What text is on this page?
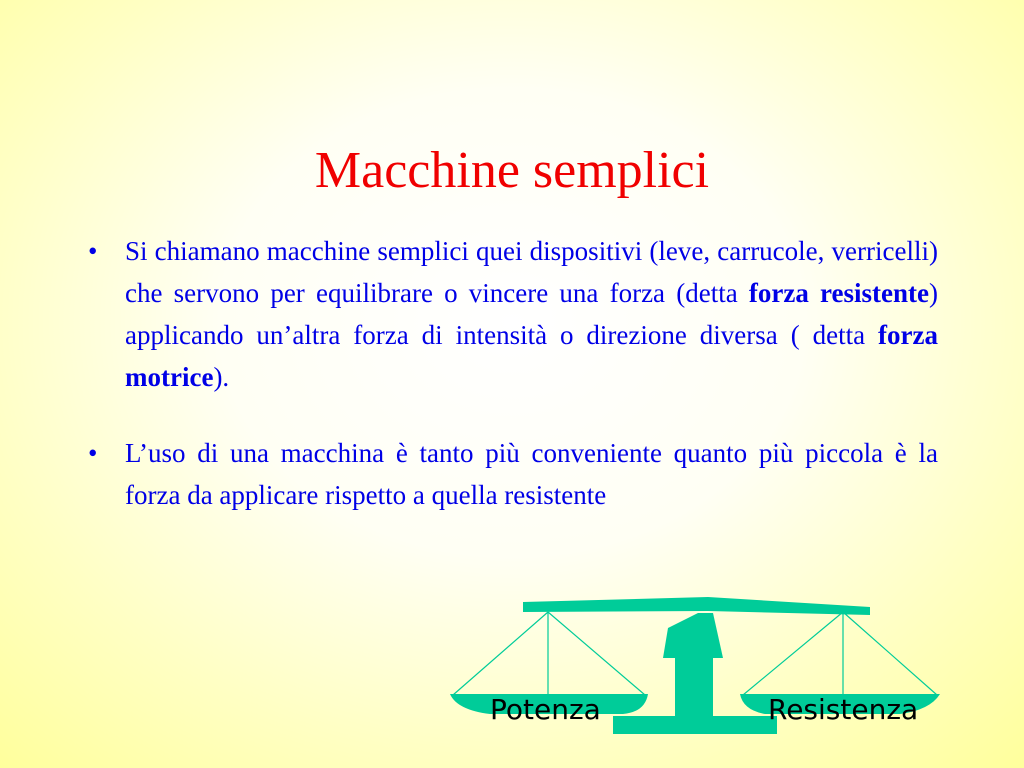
Macchine semplici
• Si chiamano macchine semplici quei dispositivi (leve, carrucole, verricelli) che servono per equilibrare o vincere una forza (detta forza resistente) applicando un’altra forza di intensità o direzione diversa ( detta forza motrice).
• L’uso di una macchina è tanto più conveniente quanto più piccola è la forza da applicare rispetto a quella resistente
Potenza	Resistenza
